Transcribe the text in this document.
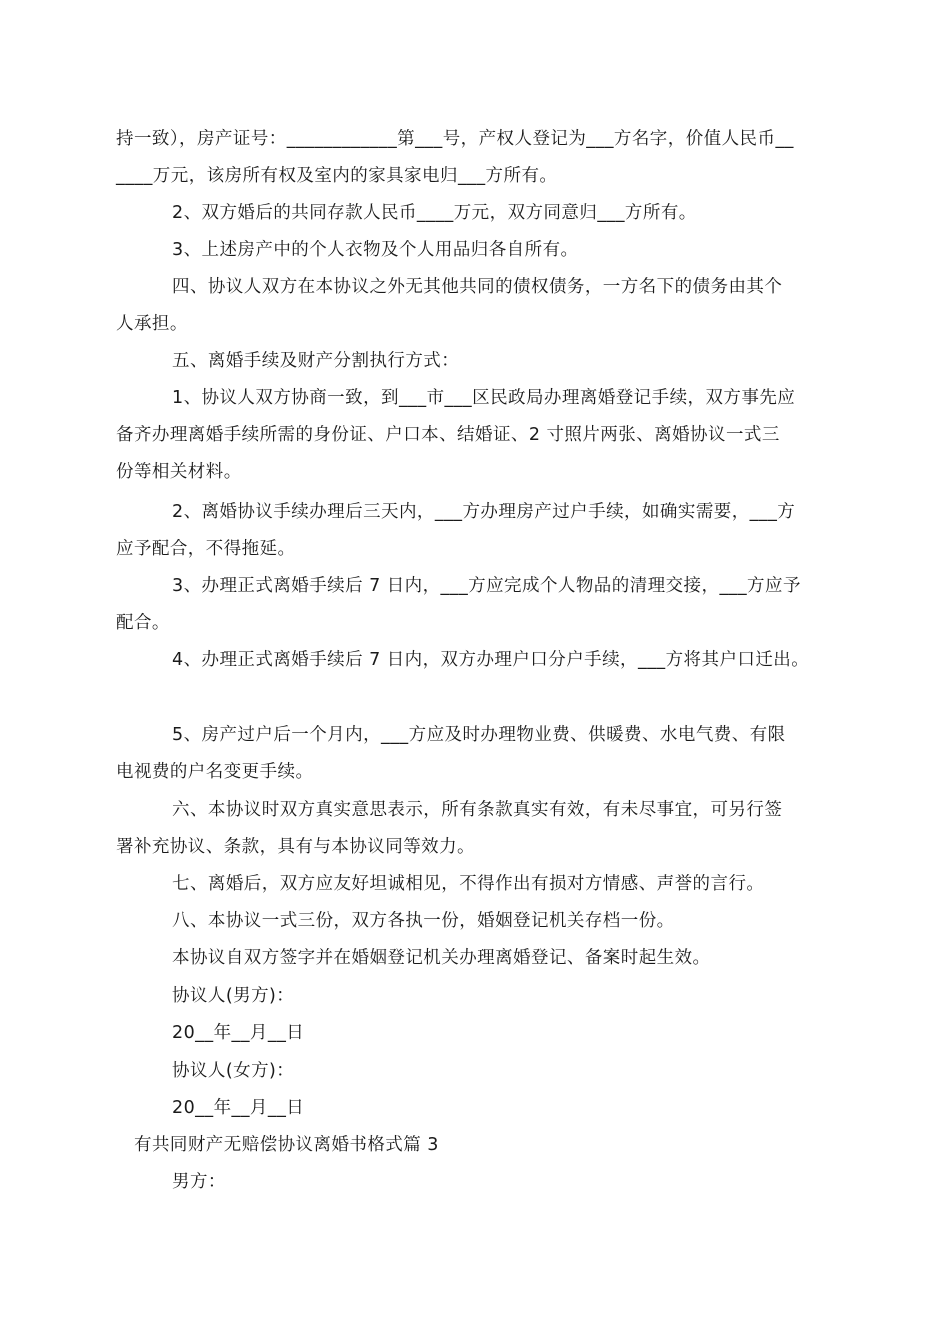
持一致），房产证号：____________第___号，产权人登记为___方名字，价值人民币__
____万元，该房所有权及室内的家具家电归___方所有。
2、双方婚后的共同存款人民币____万元，双方同意归___方所有。
3、上述房产中的个人衣物及个人用品归各自所有。
四、协议人双方在本协议之外无其他共同的债权债务，一方名下的债务由其个
人承担。
五、离婚手续及财产分割执行方式：
1、协议人双方协商一致，到___市___区民政局办理离婚登记手续，双方事先应
备齐办理离婚手续所需的身份证、户口本、结婚证、2 寸照片两张、离婚协议一式三
份等相关材料。
2、离婚协议手续办理后三天内，___方办理房产过户手续，如确实需要，___方
应予配合，不得拖延。
3、办理正式离婚手续后 7 日内，___方应完成个人物品的清理交接，___方应予
配合。
4、办理正式离婚手续后 7 日内，双方办理户口分户手续，___方将其户口迁出。
5、房产过户后一个月内，___方应及时办理物业费、供暖费、水电气费、有限
电视费的户名变更手续。
六、本协议时双方真实意思表示，所有条款真实有效，有未尽事宜，可另行签
署补充协议、条款，具有与本协议同等效力。
七、离婚后，双方应友好坦诚相见，不得作出有损对方情感、声誉的言行。
八、本协议一式三份，双方各执一份，婚姻登记机关存档一份。
本协议自双方签字并在婚姻登记机关办理离婚登记、备案时起生效。
协议人(男方)：
20__年__月__日
协议人(女方)：
20__年__月__日
有共同财产无赔偿协议离婚书格式篇 3
男方：
